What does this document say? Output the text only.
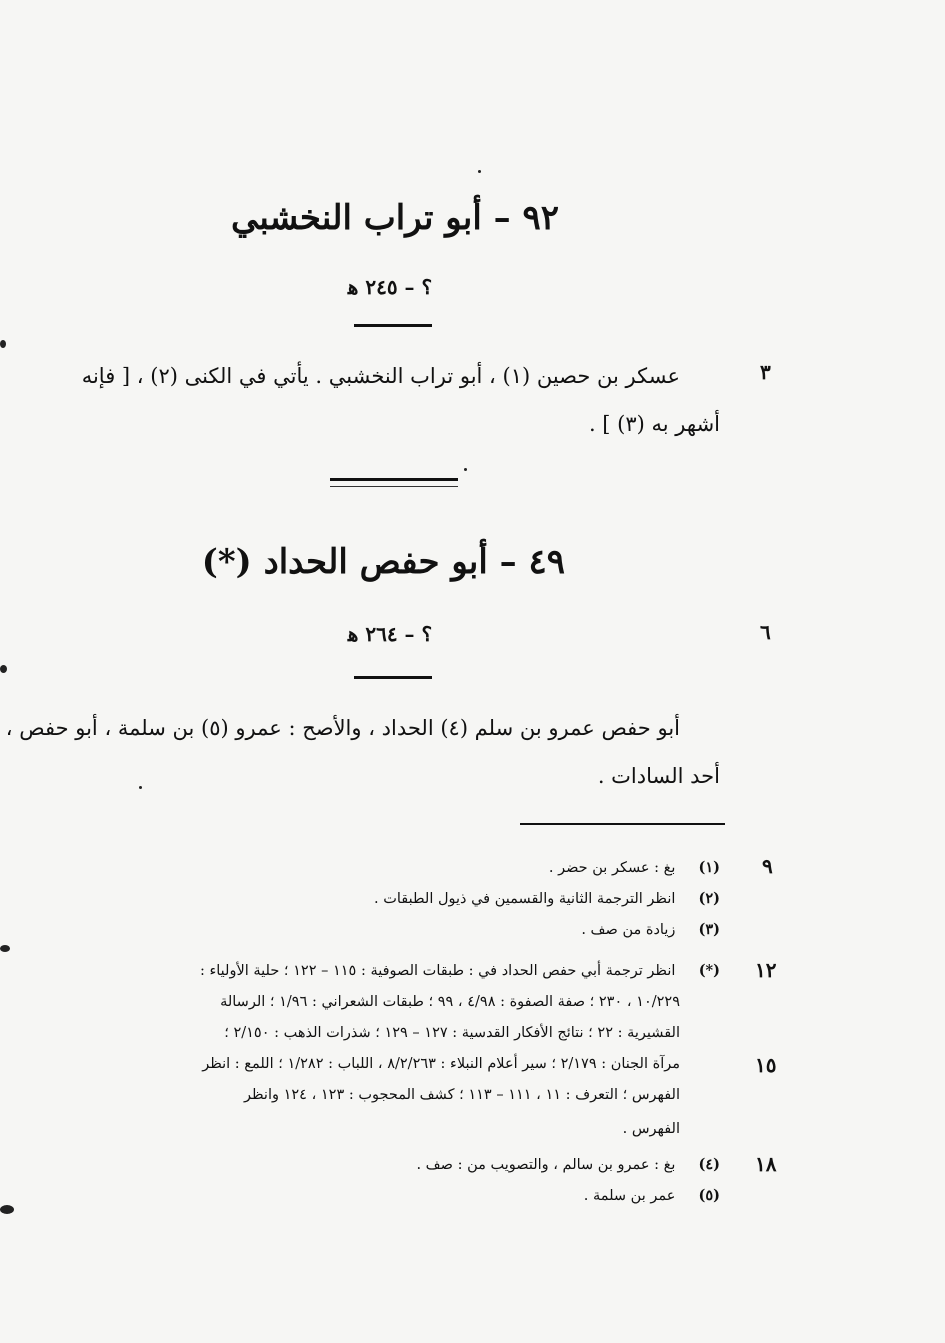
٩٢ – أبو تراب النخشبي
؟ – ٢٤٥ ﻫ
٣
عسكر بن حصين (١) ، أبو تراب النخشبي . يأتي في الكنى (٢) ، [ فإنه
أشهر به (٣) ] .
٤٩ – أبو حفص الحداد (*)
؟ – ٢٦٤ ﻫ	٦
أبو حفص عمرو بن سلم (٤) الحداد ، والأصح : عمرو (٥) بن سلمة ، أبو حفص ،
أحد السادات .
٩
(١) بغ : عسكر بن حضر .
(٢) انظر الترجمة الثانية والقسمين في ذيول الطبقات .
(٣) زيادة من صف .
١٢
(*) انظر ترجمة أبي حفص الحداد في : طبقات الصوفية : ١١٥ – ١٢٢ ؛ حلية الأولياء :
١٠/٢٢٩ ، ٢٣٠ ؛ صفة الصفوة : ٤/٩٨ ، ٩٩ ؛ طبقات الشعراني : ١/٩٦ ؛ الرسالة
القشيرية : ٢٢ ؛ نتائج الأفكار القدسية : ١٢٧ – ١٢٩ ؛ شذرات الذهب : ٢/١٥٠ ؛
١٥
مرآة الجنان : ٢/١٧٩ ؛ سير أعلام النبلاء : ٨/٢/٢٦٣ ، اللباب : ١/٢٨٢ ؛ اللمع : انظر
الفهرس ؛ التعرف : ١١ ، ١١١ – ١١٣ ؛ كشف المحجوب : ١٢٣ ، ١٢٤ وانظر
الفهرس .
١٨
(٤) بغ : عمرو بن سالم ، والتصويب من : صف .
(٥) عمر بن سلمة .
